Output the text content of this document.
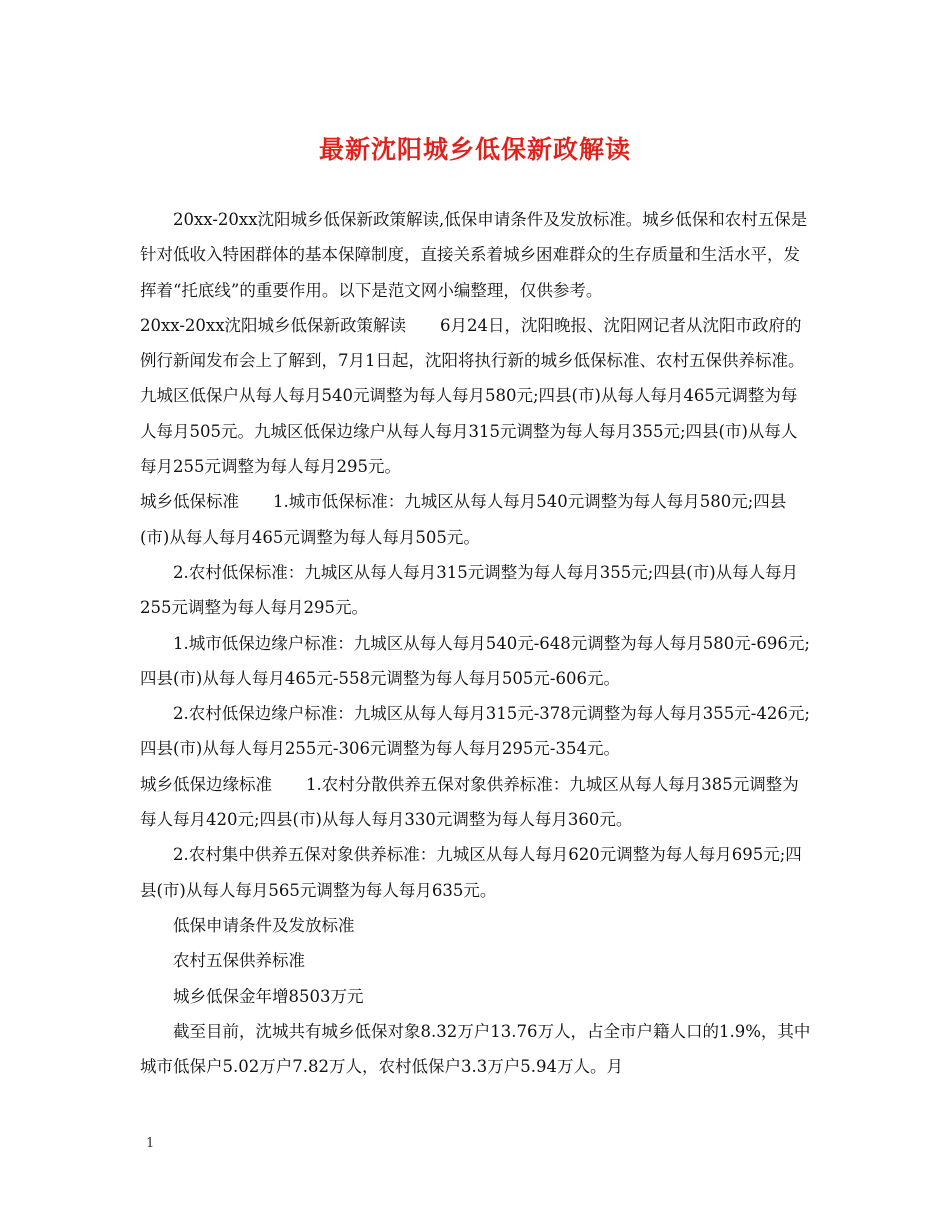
最新沈阳城乡低保新政解读

20xx-20xx沈阳城乡低保新政策解读,低保申请条件及发放标准。城乡低保和农村五保是针对低收入特困群体的基本保障制度，直接关系着城乡困难群众的生存质量和生活水平，发挥着“托底线”的重要作用。以下是范文网小编整理，仅供参考。

20xx-20xx沈阳城乡低保新政策解读 6月24日，沈阳晚报、沈阳网记者从沈阳市政府的例行新闻发布会上了解到，7月1日起，沈阳将执行新的城乡低保标准、农村五保供养标准。九城区低保户从每人每月540元调整为每人每月580元;四县(市)从每人每月465元调整为每人每月505元。九城区低保边缘户从每人每月315元调整为每人每月355元;四县(市)从每人每月255元调整为每人每月295元。

城乡低保标准 1.城市低保标准：九城区从每人每月540元调整为每人每月580元;四县(市)从每人每月465元调整为每人每月505元。

2.农村低保标准：九城区从每人每月315元调整为每人每月355元;四县(市)从每人每月255元调整为每人每月295元。

1.城市低保边缘户标准：九城区从每人每月540元-648元调整为每人每月580元-696元;四县(市)从每人每月465元-558元调整为每人每月505元-606元。

2.农村低保边缘户标准：九城区从每人每月315元-378元调整为每人每月355元-426元;四县(市)从每人每月255元-306元调整为每人每月295元-354元。

城乡低保边缘标准 1.农村分散供养五保对象供养标准：九城区从每人每月385元调整为每人每月420元;四县(市)从每人每月330元调整为每人每月360元。

2.农村集中供养五保对象供养标准：九城区从每人每月620元调整为每人每月695元;四县(市)从每人每月565元调整为每人每月635元。

低保申请条件及发放标准

农村五保供养标准

城乡低保金年增8503万元

截至目前，沈城共有城乡低保对象8.32万户13.76万人，占全市户籍人口的1.9%，其中城市低保户5.02万户7.82万人，农村低保户3.3万户5.94万人。月

1
